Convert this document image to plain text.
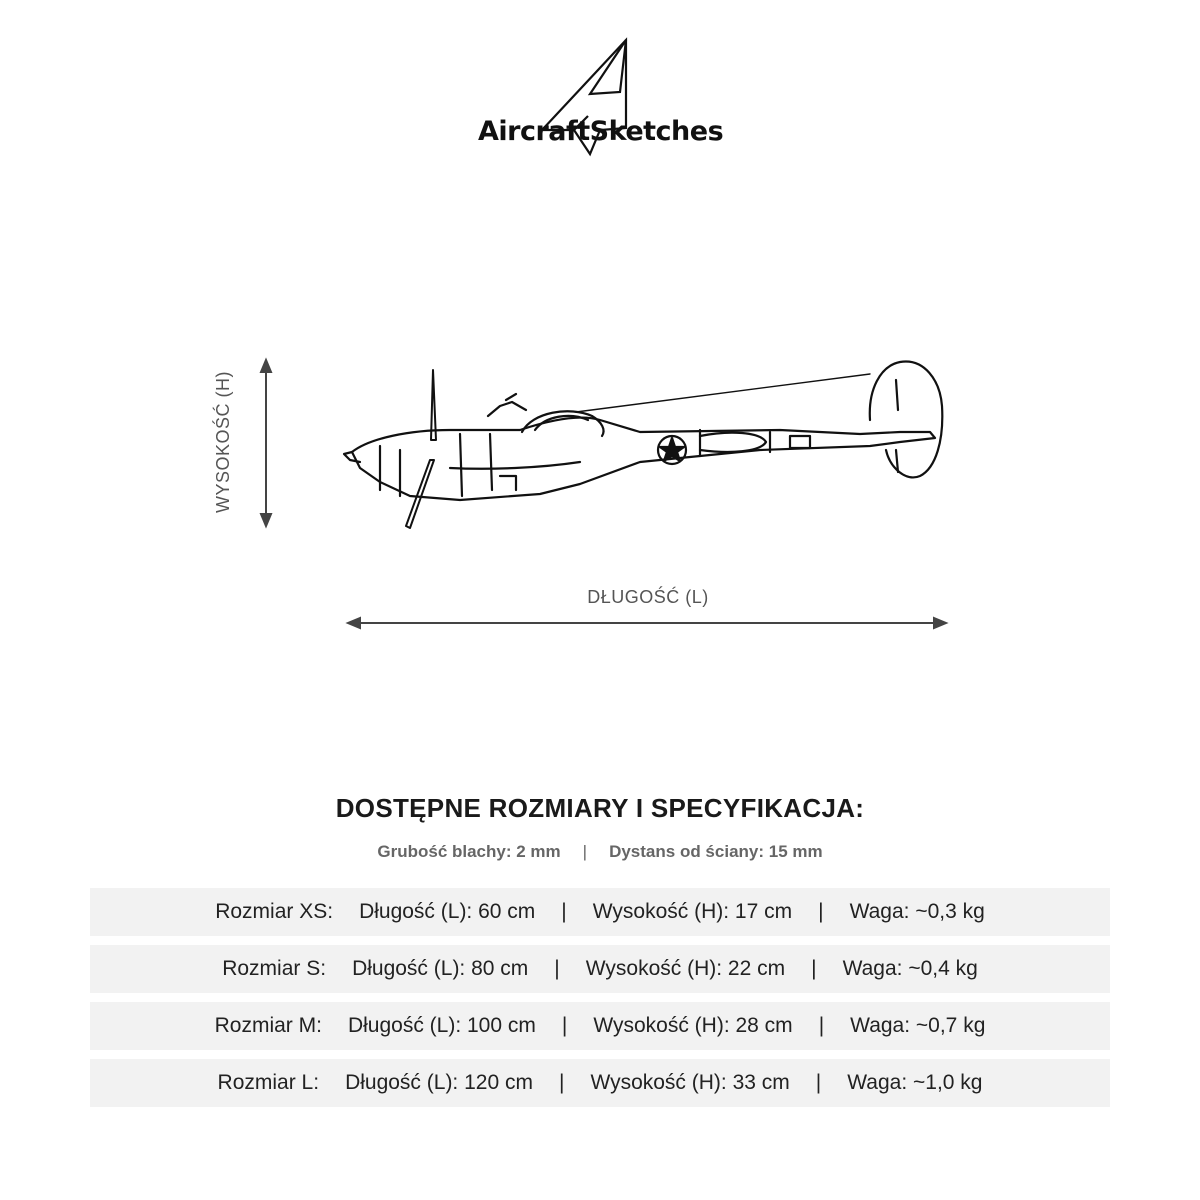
AircraftSketches
WYSOKOŚĆ (H)
DŁUGOŚĆ (L)
DOSTĘPNE ROZMIARY I SPECYFIKACJA:
Grubość blachy: 2 mm | Dystans od ściany: 15 mm
Rozmiar XS: Długość (L): 60 cm | Wysokość (H): 17 cm | Waga: ~0,3 kg
Rozmiar S: Długość (L): 80 cm | Wysokość (H): 22 cm | Waga: ~0,4 kg
Rozmiar M: Długość (L): 100 cm | Wysokość (H): 28 cm | Waga: ~0,7 kg
Rozmiar L: Długość (L): 120 cm | Wysokość (H): 33 cm | Waga: ~1,0 kg
